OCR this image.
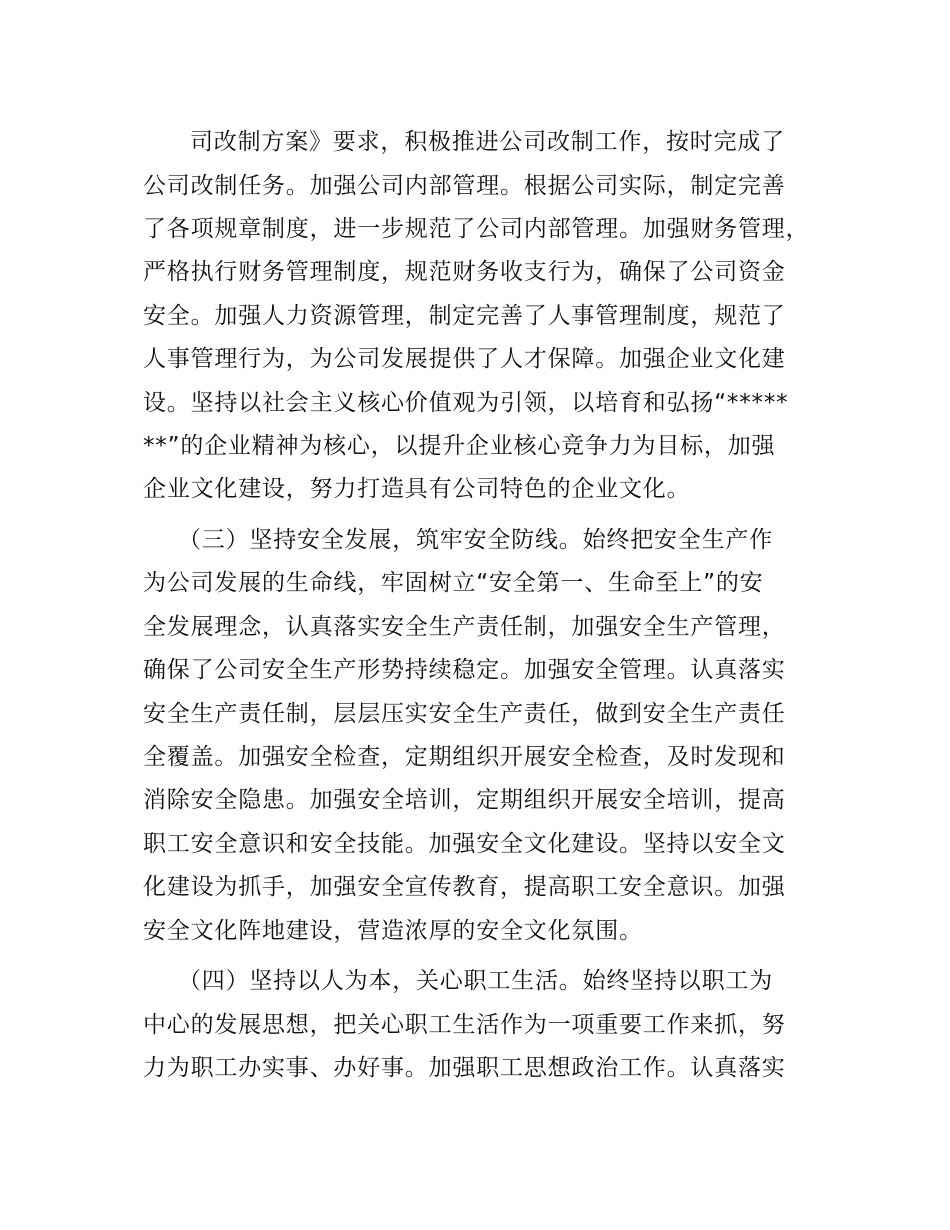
司改制方案》要求，积极推进公司改制工作，按时完成了
公司改制任务。加强公司内部管理。根据公司实际，制定完善
了各项规章制度，进一步规范了公司内部管理。加强财务管理，
严格执行财务管理制度，规范财务收支行为，确保了公司资金
安全。加强人力资源管理，制定完善了人事管理制度，规范了
人事管理行为，为公司发展提供了人才保障。加强企业文化建
设。坚持以社会主义核心价值观为引领，以培育和弘扬“*****
**”的企业精神为核心，以提升企业核心竞争力为目标，加强
企业文化建设，努力打造具有公司特色的企业文化。
（三）坚持安全发展，筑牢安全防线。始终把安全生产作
为公司发展的生命线，牢固树立“安全第一、生命至上”的安
全发展理念，认真落实安全生产责任制，加强安全生产管理，
确保了公司安全生产形势持续稳定。加强安全管理。认真落实
安全生产责任制，层层压实安全生产责任，做到安全生产责任
全覆盖。加强安全检查，定期组织开展安全检查，及时发现和
消除安全隐患。加强安全培训，定期组织开展安全培训，提高
职工安全意识和安全技能。加强安全文化建设。坚持以安全文
化建设为抓手，加强安全宣传教育，提高职工安全意识。加强
安全文化阵地建设，营造浓厚的安全文化氛围。
（四）坚持以人为本，关心职工生活。始终坚持以职工为
中心的发展思想，把关心职工生活作为一项重要工作来抓，努
力为职工办实事、办好事。加强职工思想政治工作。认真落实
